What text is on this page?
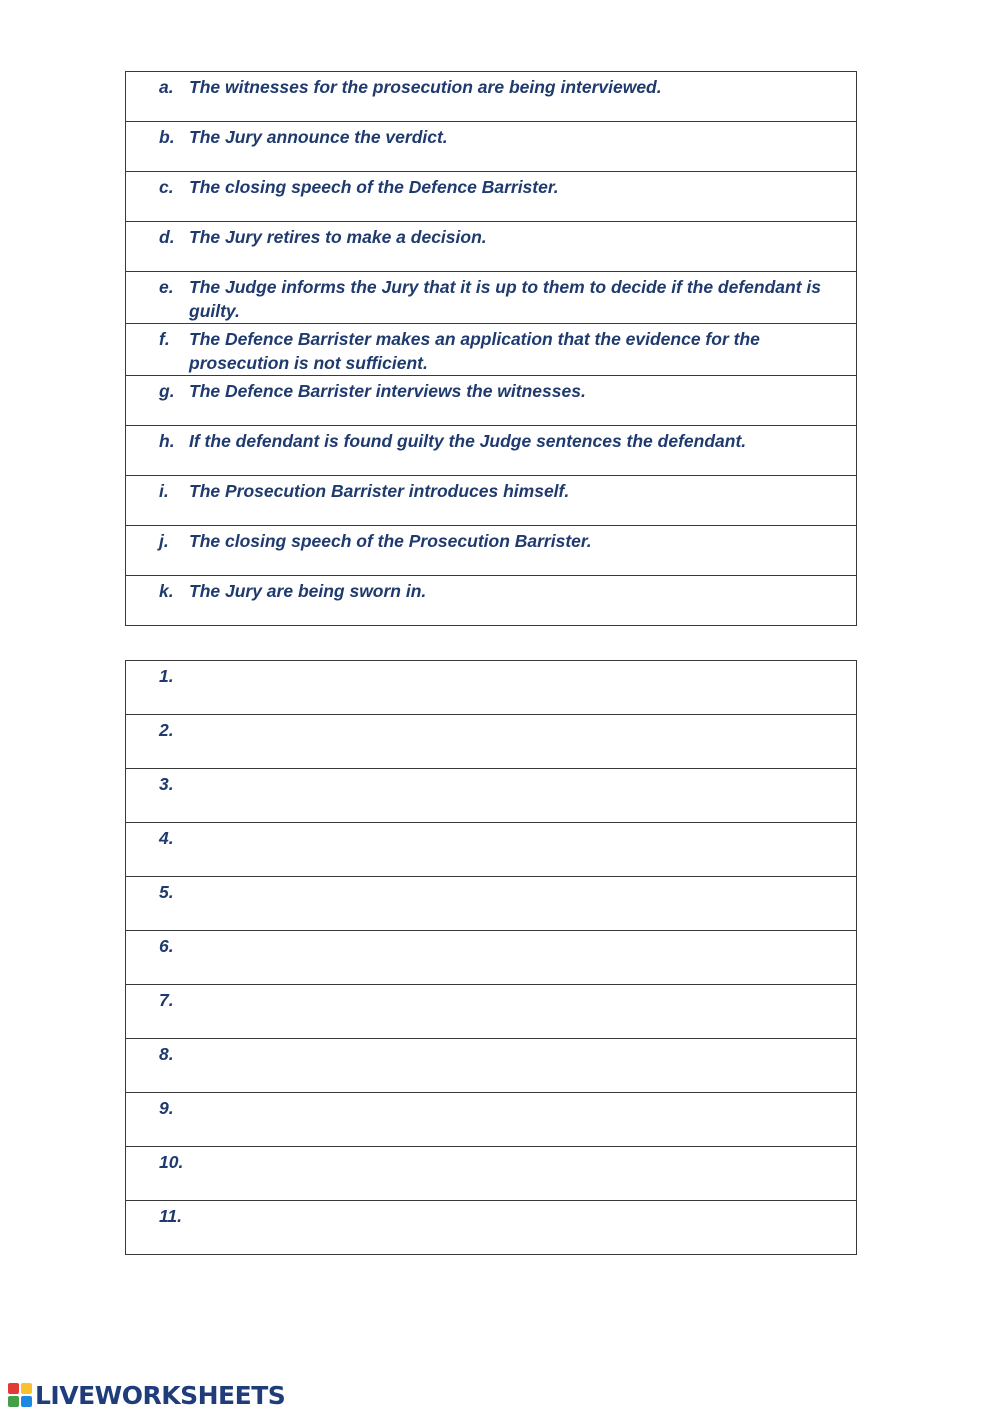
a. The witnesses for the prosecution are being interviewed.

b. The Jury announce the verdict.

c. The closing speech of the Defence Barrister.

d. The Jury retires to make a decision.

e. The Judge informs the Jury that it is up to them to decide if the defendant is guilty.

f.	The Defence Barrister makes an application that the evidence for the prosecution is not sufficient.

g. The Defence Barrister interviews the witnesses.

h. If the defendant is found guilty the Judge sentences the defendant.

i.	The Prosecution Barrister introduces himself.

j.	The closing speech of the Prosecution Barrister.

k. The Jury are being sworn in.
1.

2.

3.

4.

5.

6.

7.

8.

9.

10.

11.
LIVEWORKSHEETS
